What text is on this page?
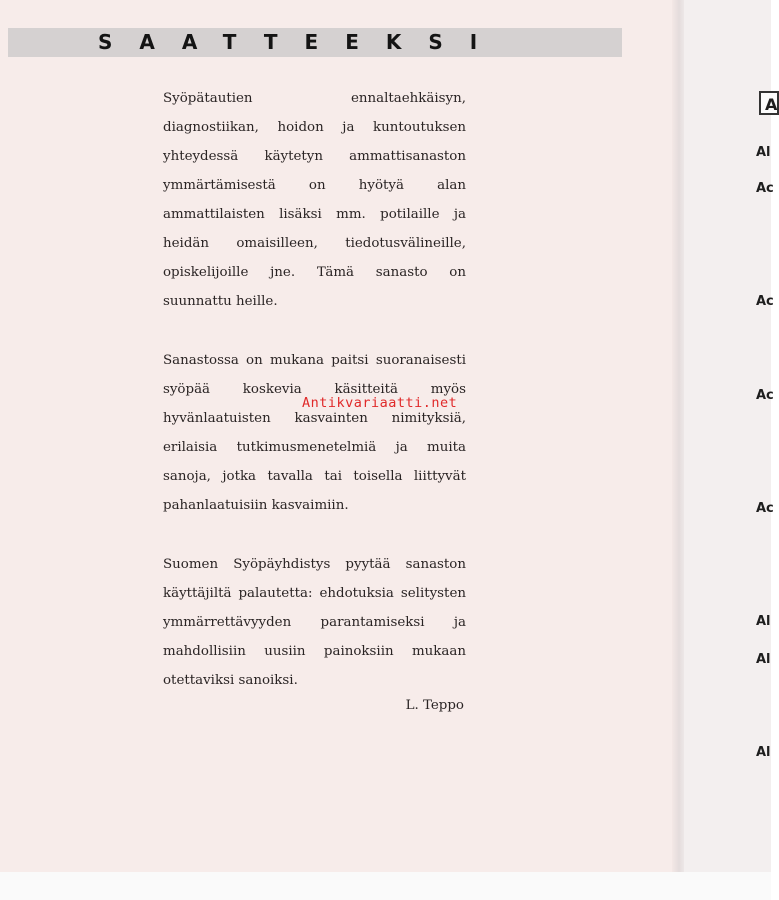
SAATTEEKSI

Syöpätautien ennaltaehkäisyn, diagnostiikan, hoidon ja kuntoutuksen yhteydessä käytetyn ammattisanaston ymmärtämisestä on hyötyä alan ammattilaisten lisäksi mm. potilaille ja heidän omaisilleen, tiedotusvälineille, opiskelijoille jne. Tämä sanasto on suunnattu heille.

Sanastossa on mukana paitsi suoranaisesti syöpää koskevia käsitteitä myös hyvänlaatuisten kasvainten nimityksiä, erilaisia tutkimusmenetelmiä ja muita sanoja, jotka tavalla tai toisella liittyvät pahanlaatuisiin kasvaimiin.

Suomen Syöpäyhdistys pyytää sanaston käyttäjiltä palautetta: ehdotuksia selitysten ymmärrettävyyden parantamiseksi ja mahdollisiin uusiin painoksiin mukaan otettaviksi sanoiksi.

L. Teppo
Antikvariaatti.net
A
Al
Ac
Ac
Ac
Ac
Al
Al
Al
